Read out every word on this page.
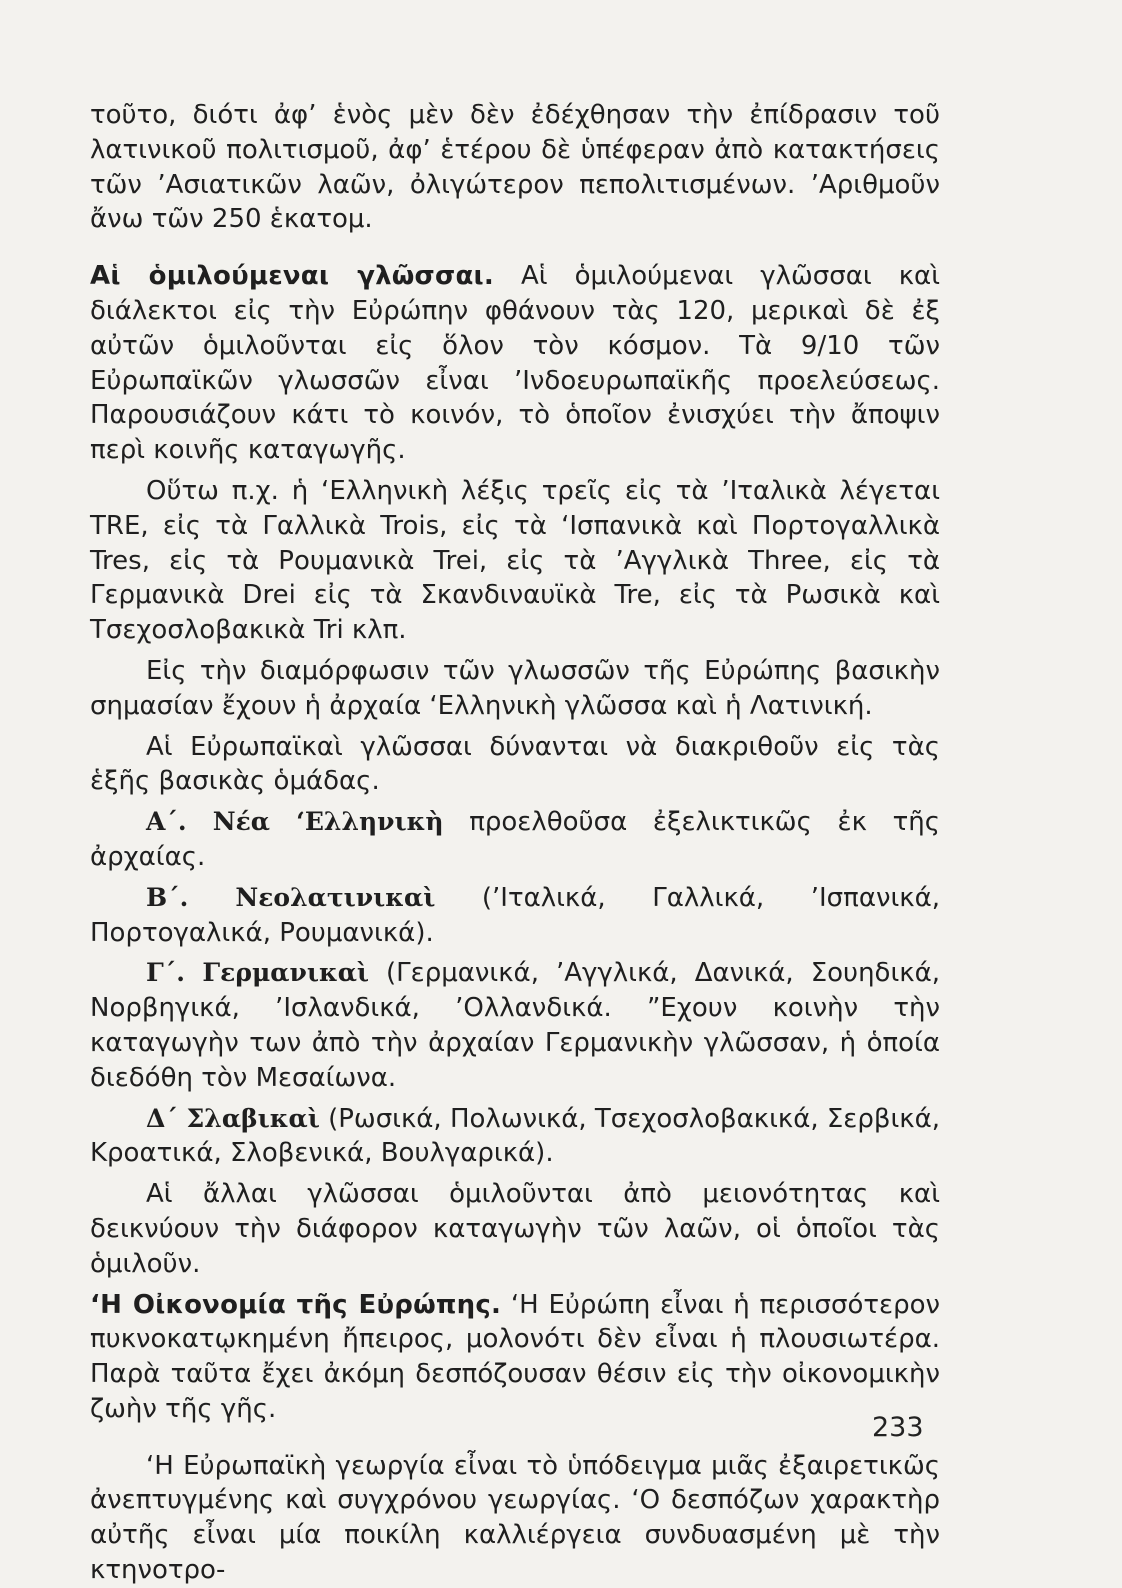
τοῦτο, διότι ἀφ’ ἑνὸς μὲν δὲν ἐδέχθησαν τὴν ἐπίδρασιν τοῦ λατινικοῦ πολιτισμοῦ, ἀφ’ ἑτέρου δὲ ὑπέφεραν ἀπὸ κατακτήσεις τῶν ’Ασιατικῶν λαῶν, ὀλιγώτερον πεπολιτισμένων. ’Αριθμοῦν ἄνω τῶν 250 ἑκατομ.

Αἱ ὁμιλούμεναι γλῶσσαι. Αἱ ὁμιλούμεναι γλῶσσαι καὶ διάλεκτοι εἰς τὴν Εὐρώπην φθάνουν τὰς 120, μερικαὶ δὲ ἐξ αὐτῶν ὁμιλοῦνται εἰς ὅλον τὸν κόσμον. Τὰ 9/10 τῶν Εὐρωπαϊκῶν γλωσσῶν εἶναι ’Ινδοευρωπαϊκῆς προελεύσεως. Παρουσιάζουν κάτι τὸ κοινόν, τὸ ὁποῖον ἐνισχύει τὴν ἄποψιν περὶ κοινῆς καταγωγῆς.

Οὕτω π.χ. ἡ ‘Ελληνικὴ λέξις τρεῖς εἰς τὰ ’Ιταλικὰ λέγεται TRE, εἰς τὰ Γαλλικὰ Trois, εἰς τὰ ‘Ισπανικὰ καὶ Πορτογαλλικὰ Tres, εἰς τὰ Ρουμανικὰ Trei, εἰς τὰ ’Αγγλικὰ Three, εἰς τὰ Γερμανικὰ Drei εἰς τὰ Σκανδιναυϊκὰ Tre, εἰς τὰ Ρωσικὰ καὶ Τσεχοσλοβακικὰ Tri κλπ.

Εἰς τὴν διαμόρφωσιν τῶν γλωσσῶν τῆς Εὐρώπης βασικὴν σημασίαν ἔχουν ἡ ἀρχαία ‘Ελληνικὴ γλῶσσα καὶ ἡ Λατινική.

Αἱ Εὐρωπαϊκαὶ γλῶσσαι δύνανται νὰ διακριθοῦν εἰς τὰς ἑξῆς βασικὰς ὁμάδας.

Α΄. Νέα ‘Ελληνικὴ προελθοῦσα ἐξελικτικῶς ἐκ τῆς ἀρχαίας.

Β΄. Νεολατινικαὶ (’Ιταλικά, Γαλλικά, ’Ισπανικά, Πορτογαλικά, Ρουμανικά).

Γ΄. Γερμανικαὶ (Γερμανικά, ’Αγγλικά, Δανικά, Σουηδικά, Νορβηγικά, ’Ισλανδικά, ’Ολλανδικά. ”Εχουν κοινὴν τὴν καταγωγὴν των ἀπὸ τὴν ἀρχαίαν Γερμανικὴν γλῶσσαν, ἡ ὁποία διεδόθη τὸν Μεσαίωνα.

Δ΄ Σλαβικαὶ (Ρωσικά, Πολωνικά, Τσεχοσλοβακικά, Σερβικά, Κροατικά, Σλοβενικά, Βουλγαρικά).

Αἱ ἄλλαι γλῶσσαι ὁμιλοῦνται ἀπὸ μειονότητας καὶ δεικνύουν τὴν διάφορον καταγωγὴν τῶν λαῶν, οἱ ὁποῖοι τὰς ὁμιλοῦν.

‘Η Οἰκονομία τῆς Εὐρώπης. ‘Η Εὐρώπη εἶναι ἡ περισσότερον πυκνοκατῳκημένη ἤπειρος, μολονότι δὲν εἶναι ἡ πλουσιωτέρα. Παρὰ ταῦτα ἔχει ἀκόμη δεσπόζουσαν θέσιν εἰς τὴν οἰκονομικὴν ζωὴν τῆς γῆς.

‘Η Εὐρωπαϊκὴ γεωργία εἶναι τὸ ὑπόδειγμα μιᾶς ἐξαιρετικῶς ἀνεπτυγμένης καὶ συγχρόνου γεωργίας. ‘Ο δεσπόζων χαρακτὴρ αὐτῆς εἶναι μία ποικίλη καλλιέργεια συνδυασμένη μὲ τὴν κτηνοτρο-

233
